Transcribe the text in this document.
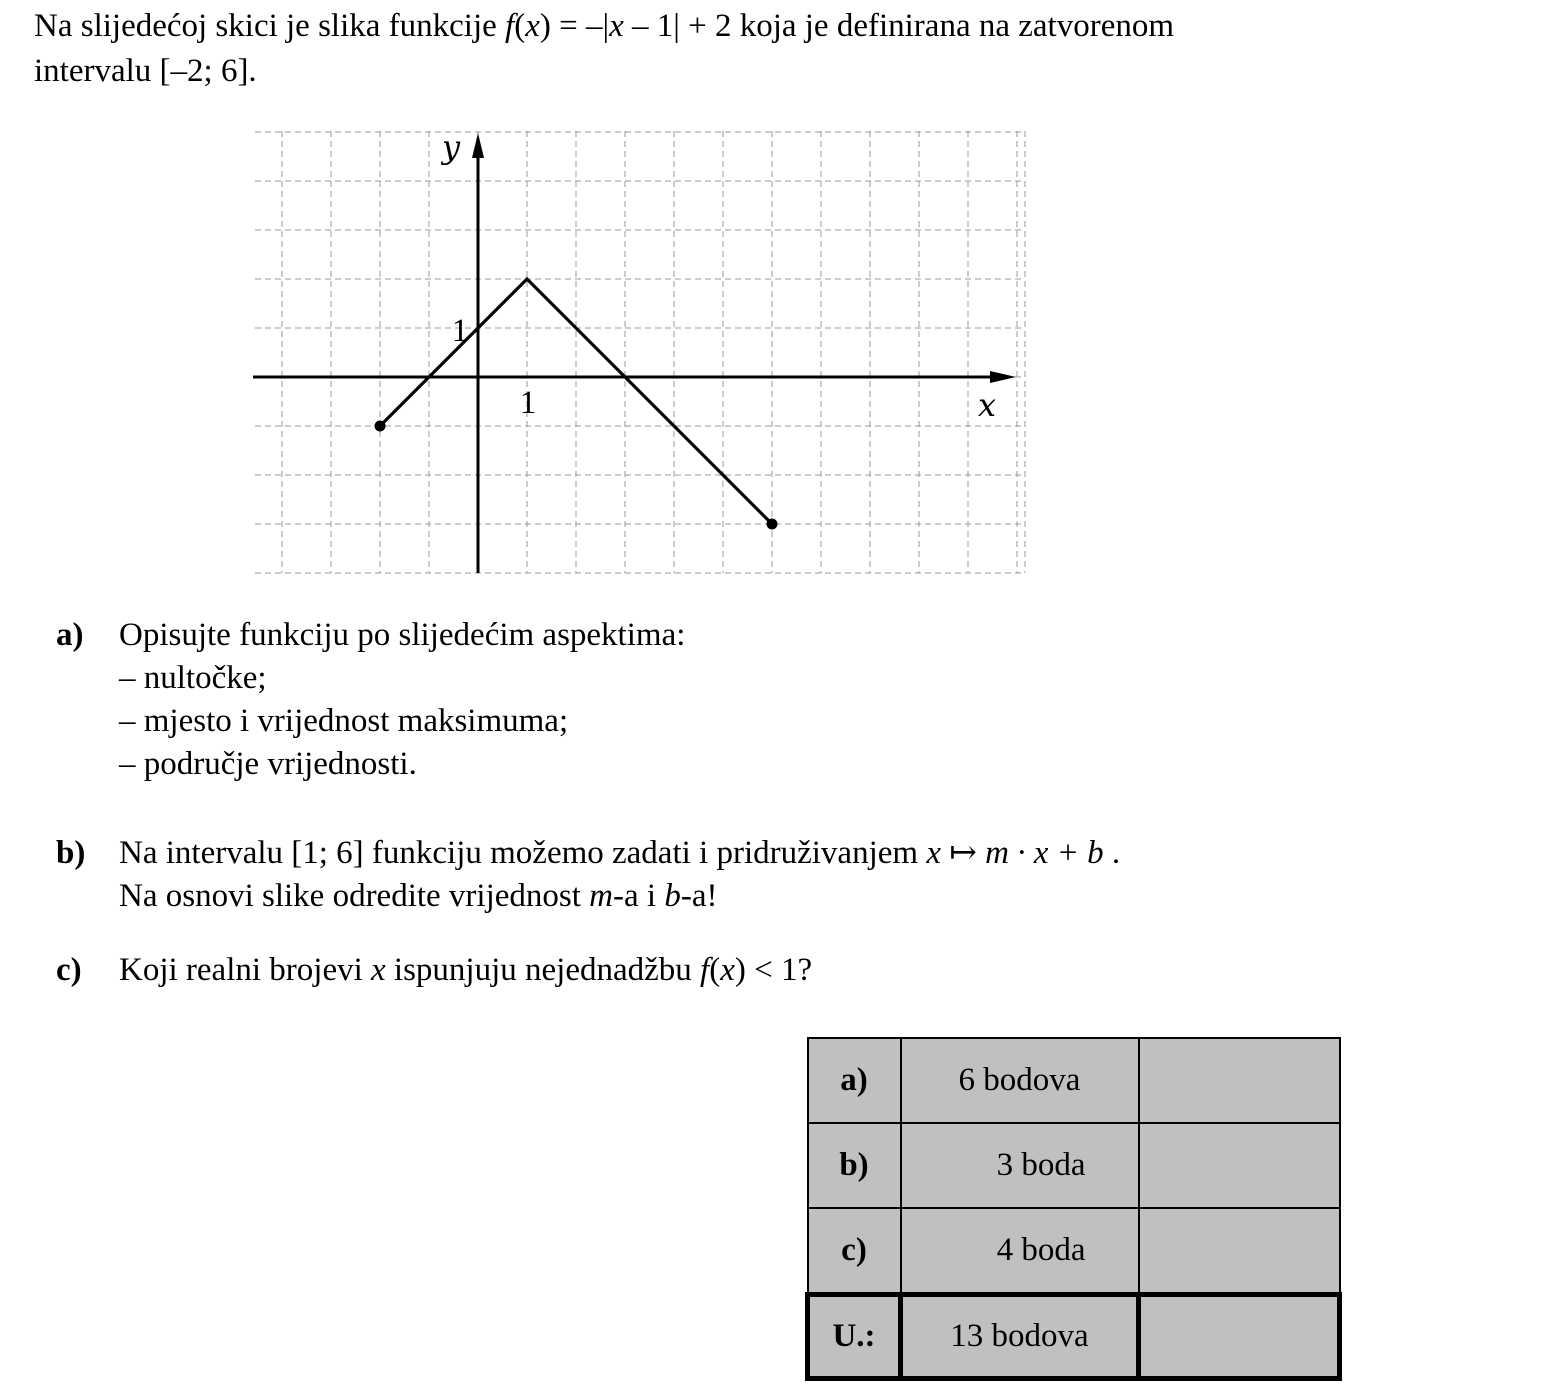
Na slijedećoj skici je slika funkcije f(x) = –|x – 1| + 2 koja je definirana na zatvorenom
intervalu [–2; 6].

y
x
1
1
a)	Opisujte funkciju po slijedećim aspektima:

– nultočke;

– mjesto i vrijednost maksimuma;

– područje vrijednosti.

b)	Na intervalu [1; 6] funkciju možemo zadati i pridruživanjem x ↦ m · x + b .

Na osnovi slike odredite vrijednost m-a i b-a!

c)	Koji realni brojevi x ispunjuju nejednadžbu f(x) < 1?

a)	6 bodova	
b)	3 boda	
c)	4 boda	
U.:	13 bodova	
